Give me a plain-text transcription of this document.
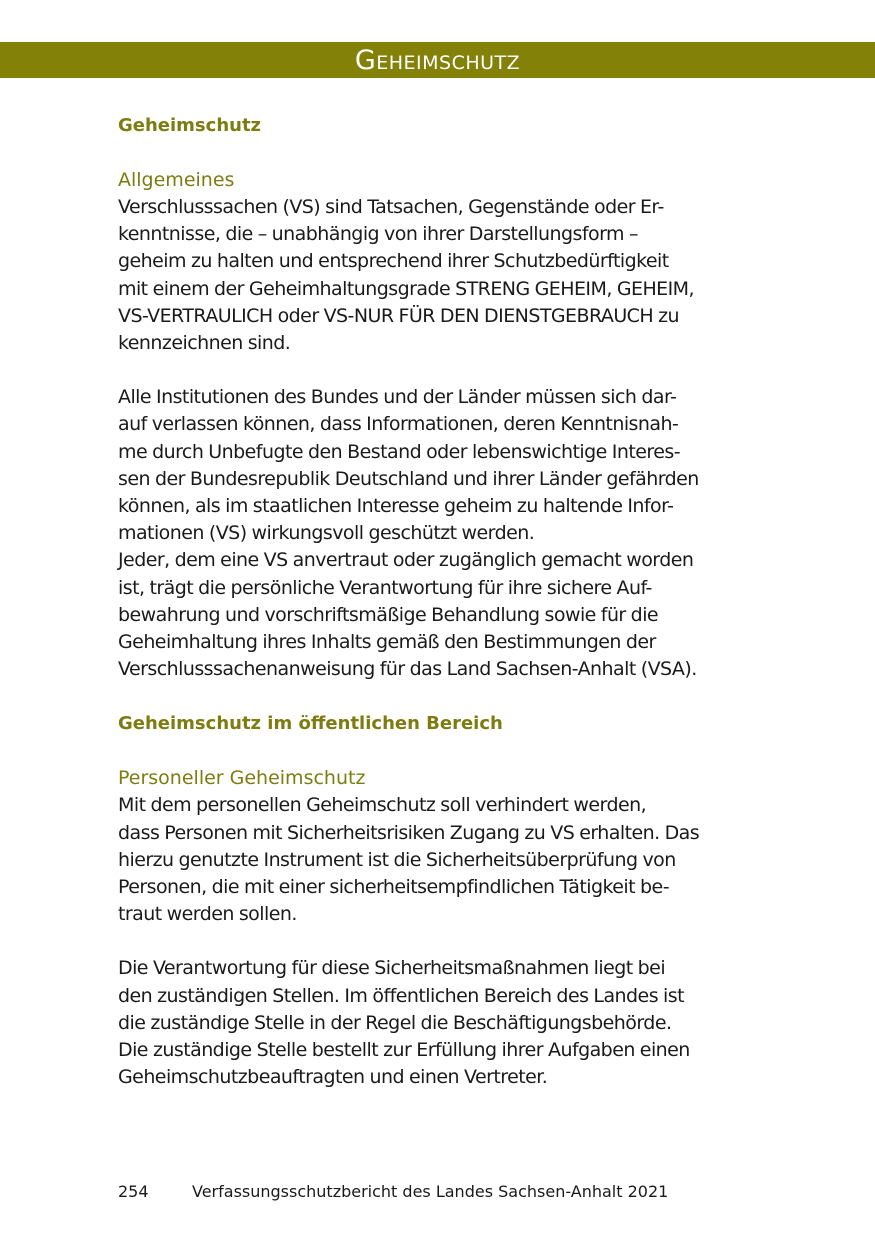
Geheimschutz
Geheimschutz
Allgemeines

Verschlusssachen (VS) sind Tatsachen, Gegenstände oder Er-
kenntnisse, die – unabhängig von ihrer Darstellungsform –
geheim zu halten und entsprechend ihrer Schutzbedürftigkeit
mit einem der Geheimhaltungsgrade STRENG GEHEIM, GEHEIM,
VS-VERTRAULICH oder VS-NUR FÜR DEN DIENSTGEBRAUCH zu
kennzeichnen sind.

Alle Institutionen des Bundes und der Länder müssen sich dar-
auf verlassen können, dass Informationen, deren Kenntnisnah-
me durch Unbefugte den Bestand oder lebenswichtige Interes-
sen der Bundesrepublik Deutschland und ihrer Länder gefährden
können, als im staatlichen Interesse geheim zu haltende Infor-
mationen (VS) wirkungsvoll geschützt werden.
Jeder, dem eine VS anvertraut oder zugänglich gemacht worden
ist, trägt die persönliche Verantwortung für ihre sichere Auf-
bewahrung und vorschriftsmäßige Behandlung sowie für die
Geheimhaltung ihres Inhalts gemäß den Bestimmungen der
Verschlusssachenanweisung für das Land Sachsen-Anhalt (VSA).

Geheimschutz im öffentlichen Bereich
Personeller Geheimschutz

Mit dem personellen Geheimschutz soll verhindert werden,
dass Personen mit Sicherheitsrisiken Zugang zu VS erhalten. Das
hierzu genutzte Instrument ist die Sicherheitsüberprüfung von
Personen, die mit einer sicherheitsempfindlichen Tätigkeit be-
traut werden sollen.

Die Verantwortung für diese Sicherheitsmaßnahmen liegt bei
den zuständigen Stellen. Im öffentlichen Bereich des Landes ist
die zuständige Stelle in der Regel die Beschäftigungsbehörde.
Die zuständige Stelle bestellt zur Erfüllung ihrer Aufgaben einen
Geheimschutzbeauftragten und einen Vertreter.

254	Verfassungsschutzbericht des Landes Sachsen-Anhalt 2021
